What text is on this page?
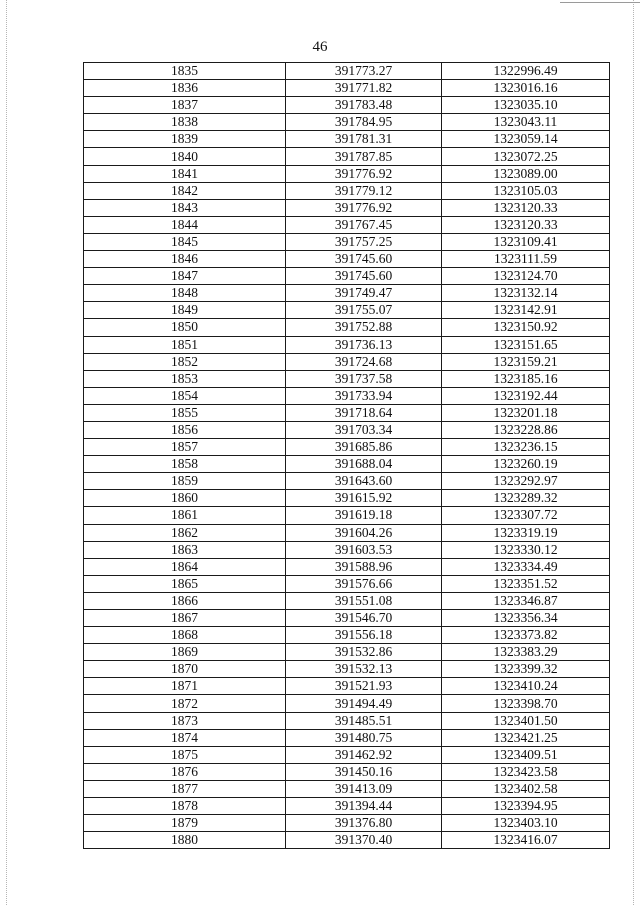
46
1835	391773.27	1322996.49
1836	391771.82	1323016.16
1837	391783.48	1323035.10
1838	391784.95	1323043.11
1839	391781.31	1323059.14
1840	391787.85	1323072.25
1841	391776.92	1323089.00
1842	391779.12	1323105.03
1843	391776.92	1323120.33
1844	391767.45	1323120.33
1845	391757.25	1323109.41
1846	391745.60	1323111.59
1847	391745.60	1323124.70
1848	391749.47	1323132.14
1849	391755.07	1323142.91
1850	391752.88	1323150.92
1851	391736.13	1323151.65
1852	391724.68	1323159.21
1853	391737.58	1323185.16
1854	391733.94	1323192.44
1855	391718.64	1323201.18
1856	391703.34	1323228.86
1857	391685.86	1323236.15
1858	391688.04	1323260.19
1859	391643.60	1323292.97
1860	391615.92	1323289.32
1861	391619.18	1323307.72
1862	391604.26	1323319.19
1863	391603.53	1323330.12
1864	391588.96	1323334.49
1865	391576.66	1323351.52
1866	391551.08	1323346.87
1867	391546.70	1323356.34
1868	391556.18	1323373.82
1869	391532.86	1323383.29
1870	391532.13	1323399.32
1871	391521.93	1323410.24
1872	391494.49	1323398.70
1873	391485.51	1323401.50
1874	391480.75	1323421.25
1875	391462.92	1323409.51
1876	391450.16	1323423.58
1877	391413.09	1323402.58
1878	391394.44	1323394.95
1879	391376.80	1323403.10
1880	391370.40	1323416.07
